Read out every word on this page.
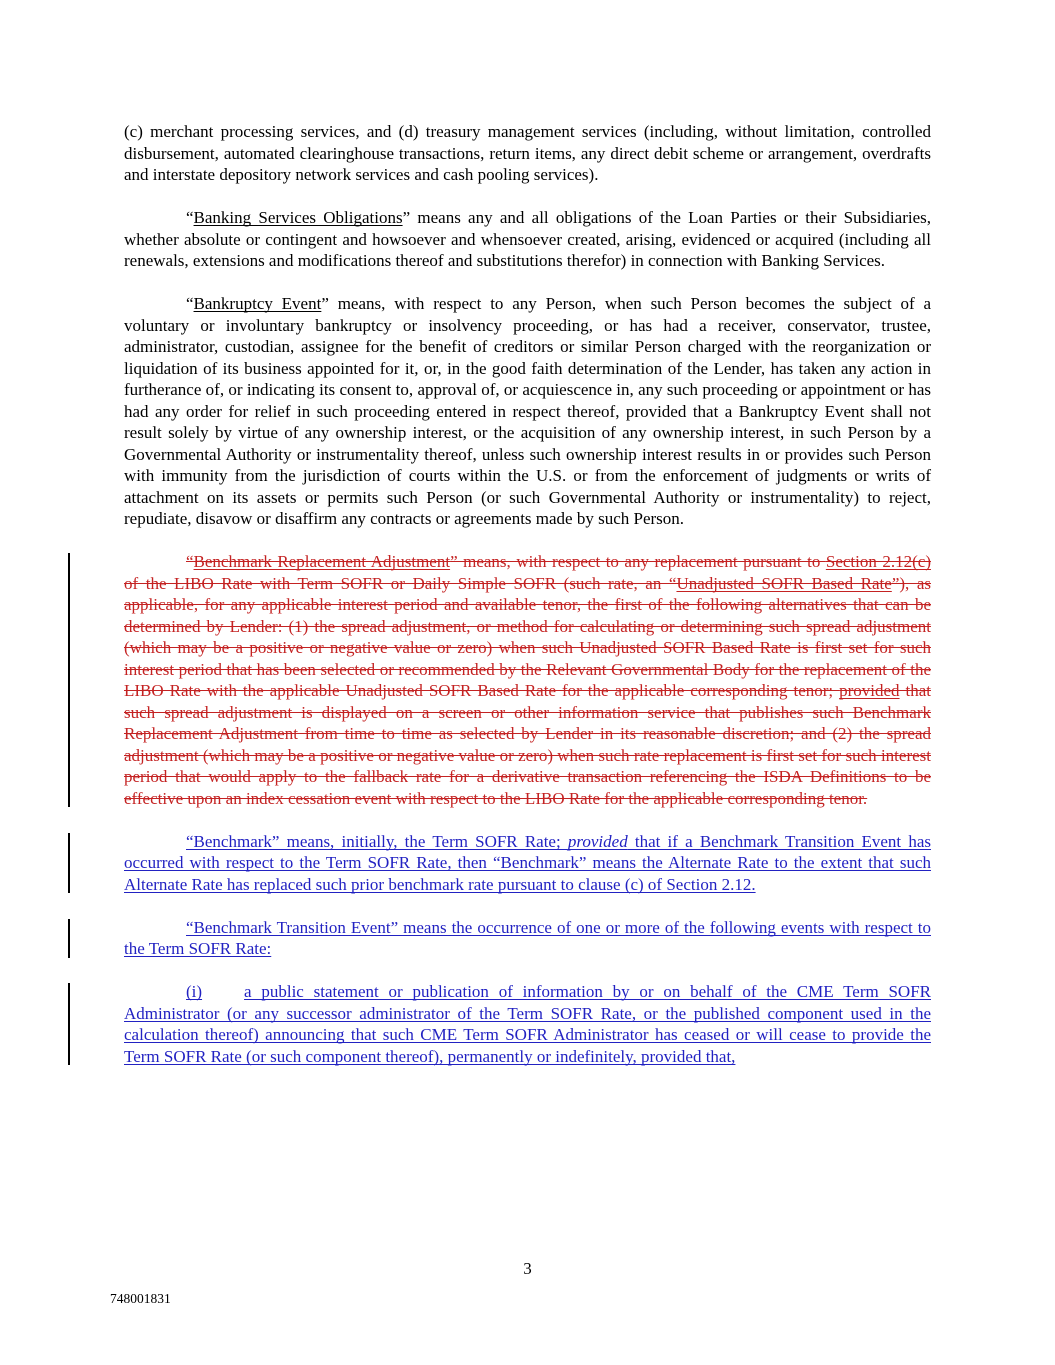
(c) merchant processing services, and (d) treasury management services (including, without limitation, controlled disbursement, automated clearinghouse transactions, return items, any direct debit scheme or arrangement, overdrafts and interstate depository network services and cash pooling services).

“Banking Services Obligations” means any and all obligations of the Loan Parties or their Subsidiaries, whether absolute or contingent and howsoever and whensoever created, arising, evidenced or acquired (including all renewals, extensions and modifications thereof and substitutions therefor) in connection with Banking Services.

“Bankruptcy Event” means, with respect to any Person, when such Person becomes the subject of a voluntary or involuntary bankruptcy or insolvency proceeding, or has had a receiver, conservator, trustee, administrator, custodian, assignee for the benefit of creditors or similar Person charged with the reorganization or liquidation of its business appointed for it, or, in the good faith determination of the Lender, has taken any action in furtherance of, or indicating its consent to, approval of, or acquiescence in, any such proceeding or appointment or has had any order for relief in such proceeding entered in respect thereof, provided that a Bankruptcy Event shall not result solely by virtue of any ownership interest, or the acquisition of any ownership interest, in such Person by a Governmental Authority or instrumentality thereof, unless such ownership interest results in or provides such Person with immunity from the jurisdiction of courts within the U.S. or from the enforcement of judgments or writs of attachment on its assets or permits such Person (or such Governmental Authority or instrumentality) to reject, repudiate, disavow or disaffirm any contracts or agreements made by such Person.

“Benchmark Replacement Adjustment” means, with respect to any replacement pursuant to Section 2.12(c) of the LIBO Rate with Term SOFR or Daily Simple SOFR (such rate, an “Unadjusted SOFR Based Rate”), as applicable, for any applicable interest period and available tenor, the first of the following alternatives that can be determined by Lender: (1) the spread adjustment, or method for calculating or determining such spread adjustment (which may be a positive or negative value or zero) when such Unadjusted SOFR Based Rate is first set for such interest period that has been selected or recommended by the Relevant Governmental Body for the replacement of the LIBO Rate with the applicable Unadjusted SOFR Based Rate for the applicable corresponding tenor; provided that such spread adjustment is displayed on a screen or other information service that publishes such Benchmark Replacement Adjustment from time to time as selected by Lender in its reasonable discretion; and (2) the spread adjustment (which may be a positive or negative value or zero) when such rate replacement is first set for such interest period that would apply to the fallback rate for a derivative transaction referencing the ISDA Definitions to be effective upon an index cessation event with respect to the LIBO Rate for the applicable corresponding tenor.

“Benchmark” means, initially, the Term SOFR Rate; provided that if a Benchmark Transition Event has occurred with respect to the Term SOFR Rate, then “Benchmark” means the Alternate Rate to the extent that such Alternate Rate has replaced such prior benchmark rate pursuant to clause (c) of Section 2.12.

“Benchmark Transition Event” means the occurrence of one or more of the following events with respect to the Term SOFR Rate:

(i) a public statement or publication of information by or on behalf of the CME Term SOFR Administrator (or any successor administrator of the Term SOFR Rate, or the published component used in the calculation thereof) announcing that such CME Term SOFR Administrator has ceased or will cease to provide the Term SOFR Rate (or such component thereof), permanently or indefinitely, provided that,

3
748001831
